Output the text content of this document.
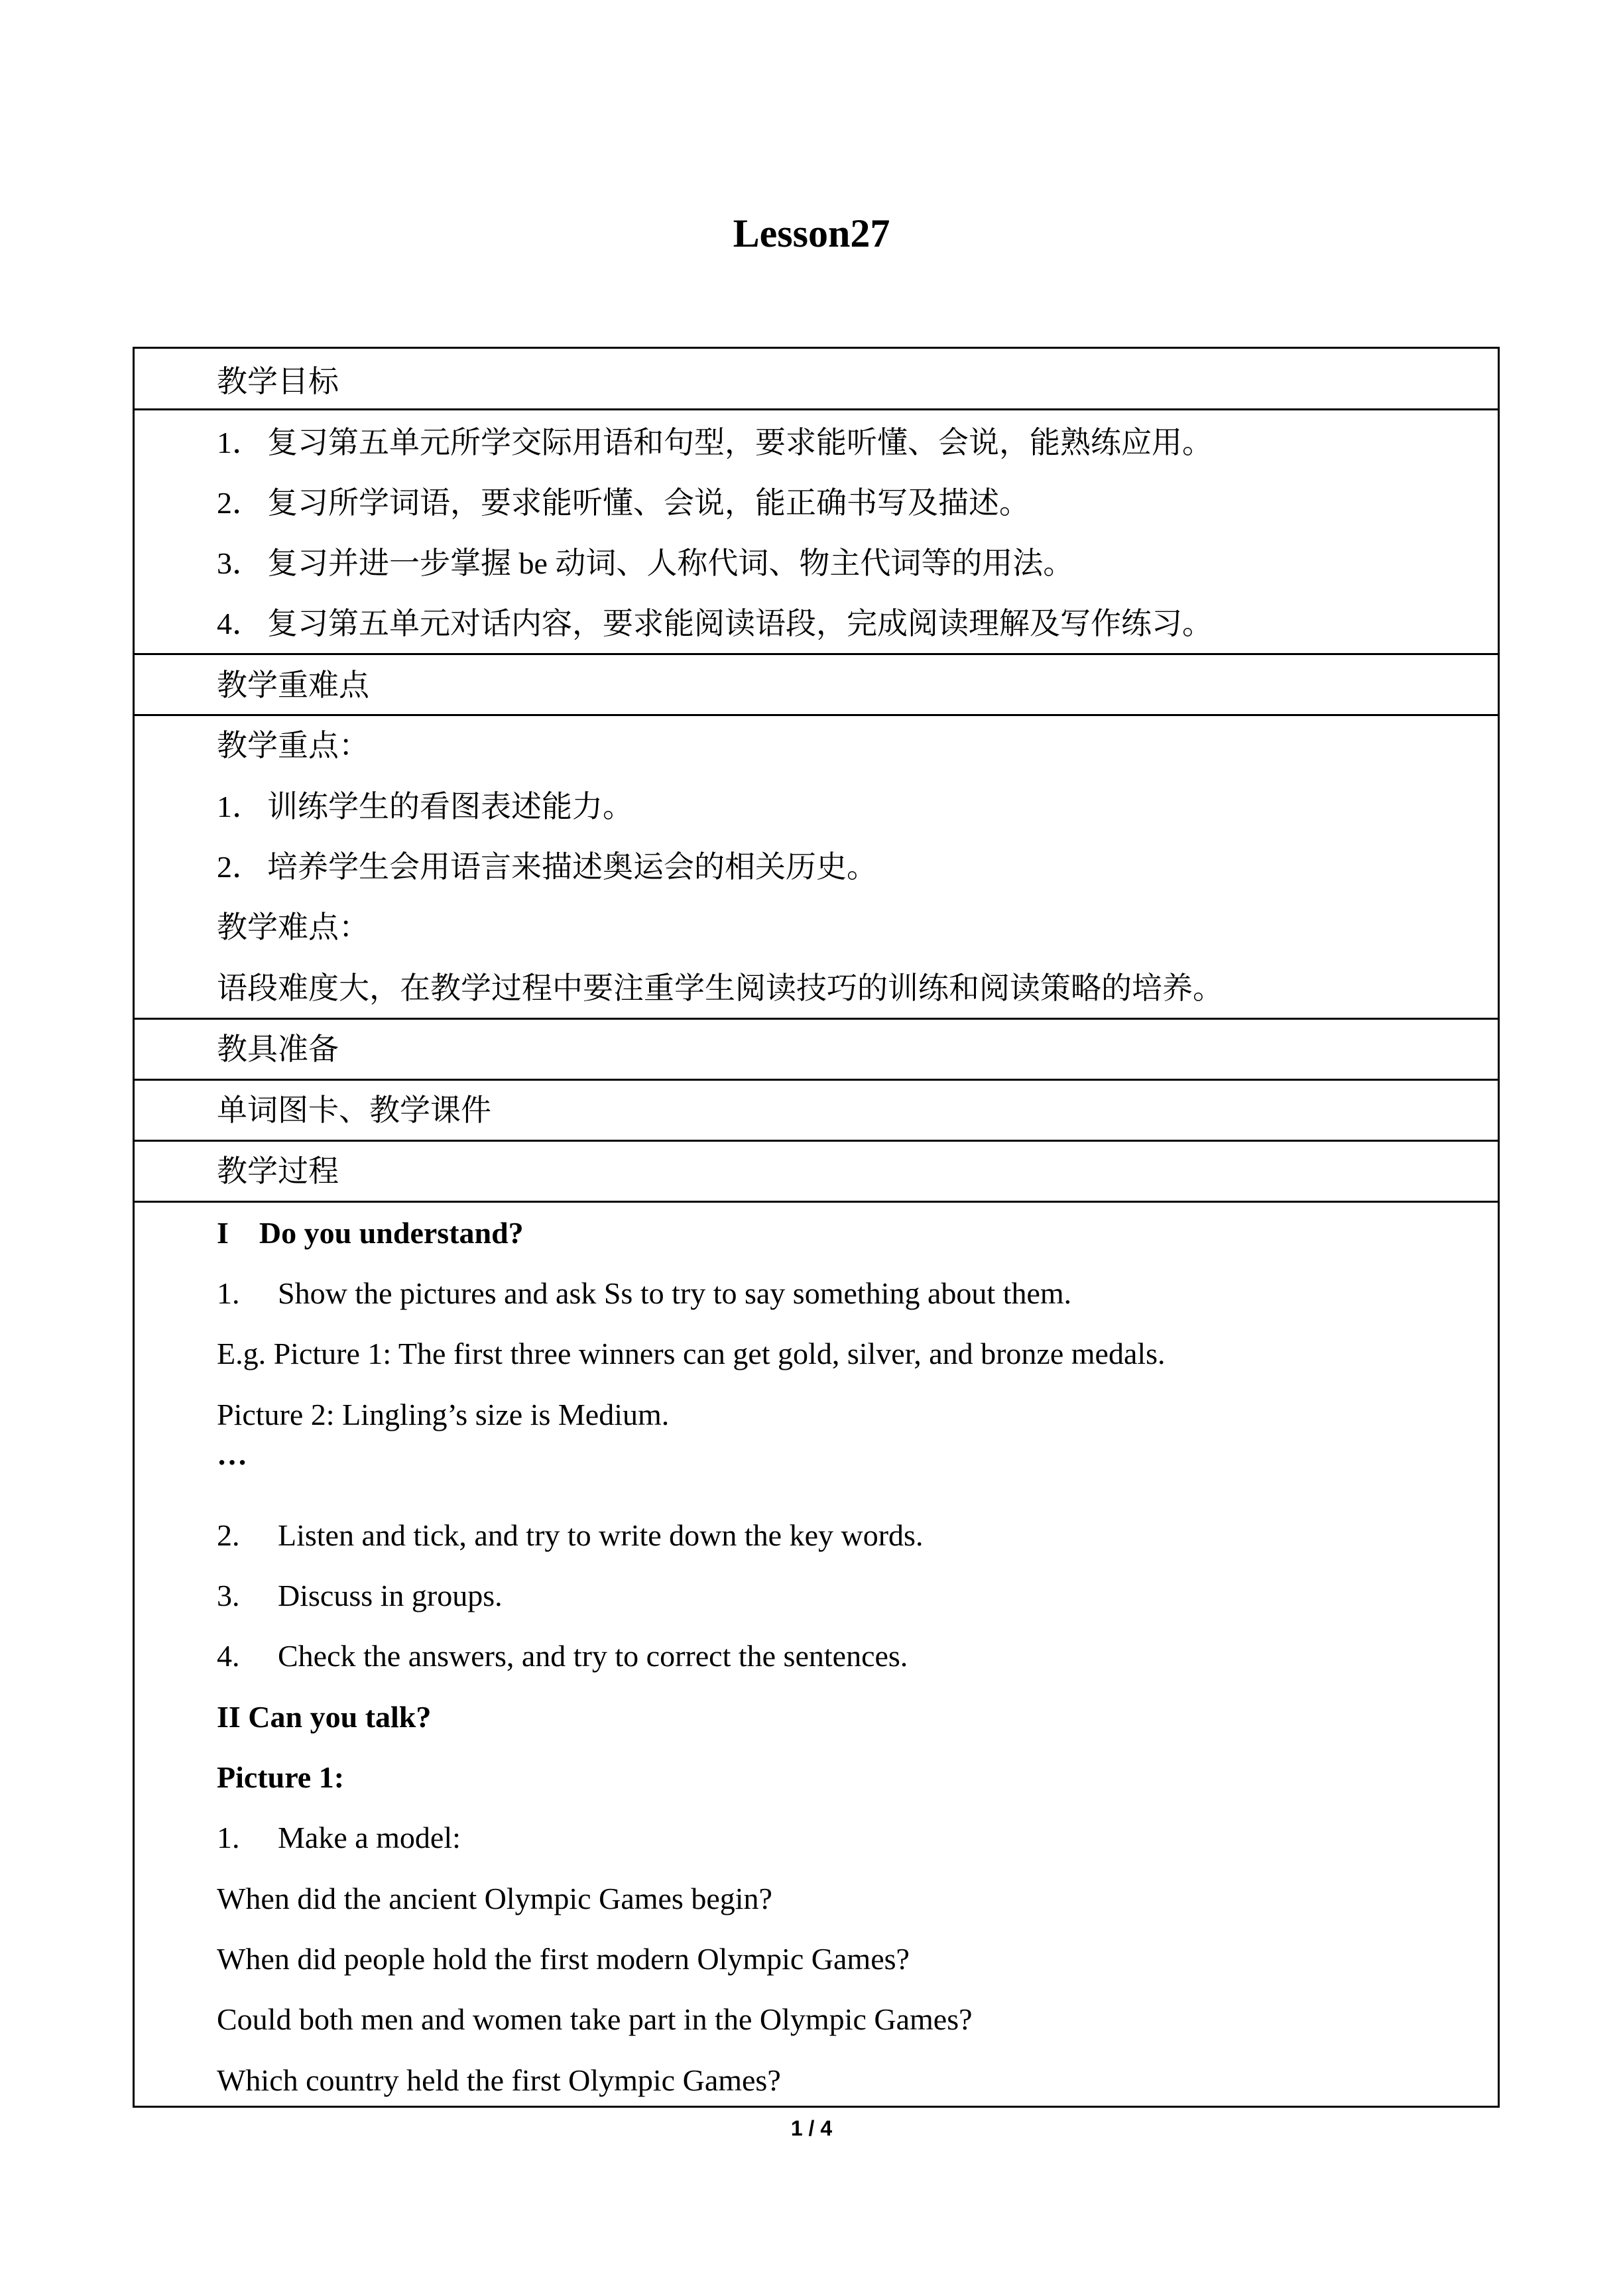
Lesson27
教学目标
1． 复习第五单元所学交际用语和句型，要求能听懂、会说，能熟练应用。
2． 复习所学词语，要求能听懂、会说，能正确书写及描述。
3． 复习并进一步掌握 be 动词、人称代词、物主代词等的用法。
4． 复习第五单元对话内容，要求能阅读语段，完成阅读理解及写作练习。
教学重难点
教学重点：
1． 训练学生的看图表述能力。
2． 培养学生会用语言来描述奥运会的相关历史。
教学难点：
语段难度大，在教学过程中要注重学生阅读技巧的训练和阅读策略的培养。
教具准备
单词图卡、教学课件
教学过程
I    Do you understand?
1. Show the pictures and ask Ss to try to say something about them.
E.g. Picture 1: The first three winners can get gold, silver, and bronze medals.
Picture 2: Lingling’s size is Medium.
…
2. Listen and tick, and try to write down the key words.
3. Discuss in groups.
4. Check the answers, and try to correct the sentences.
II Can you talk?
Picture 1:
1. Make a model:
When did the ancient Olympic Games begin?
When did people hold the first modern Olympic Games?
Could both men and women take part in the Olympic Games?
Which country held the first Olympic Games?
1 / 4
